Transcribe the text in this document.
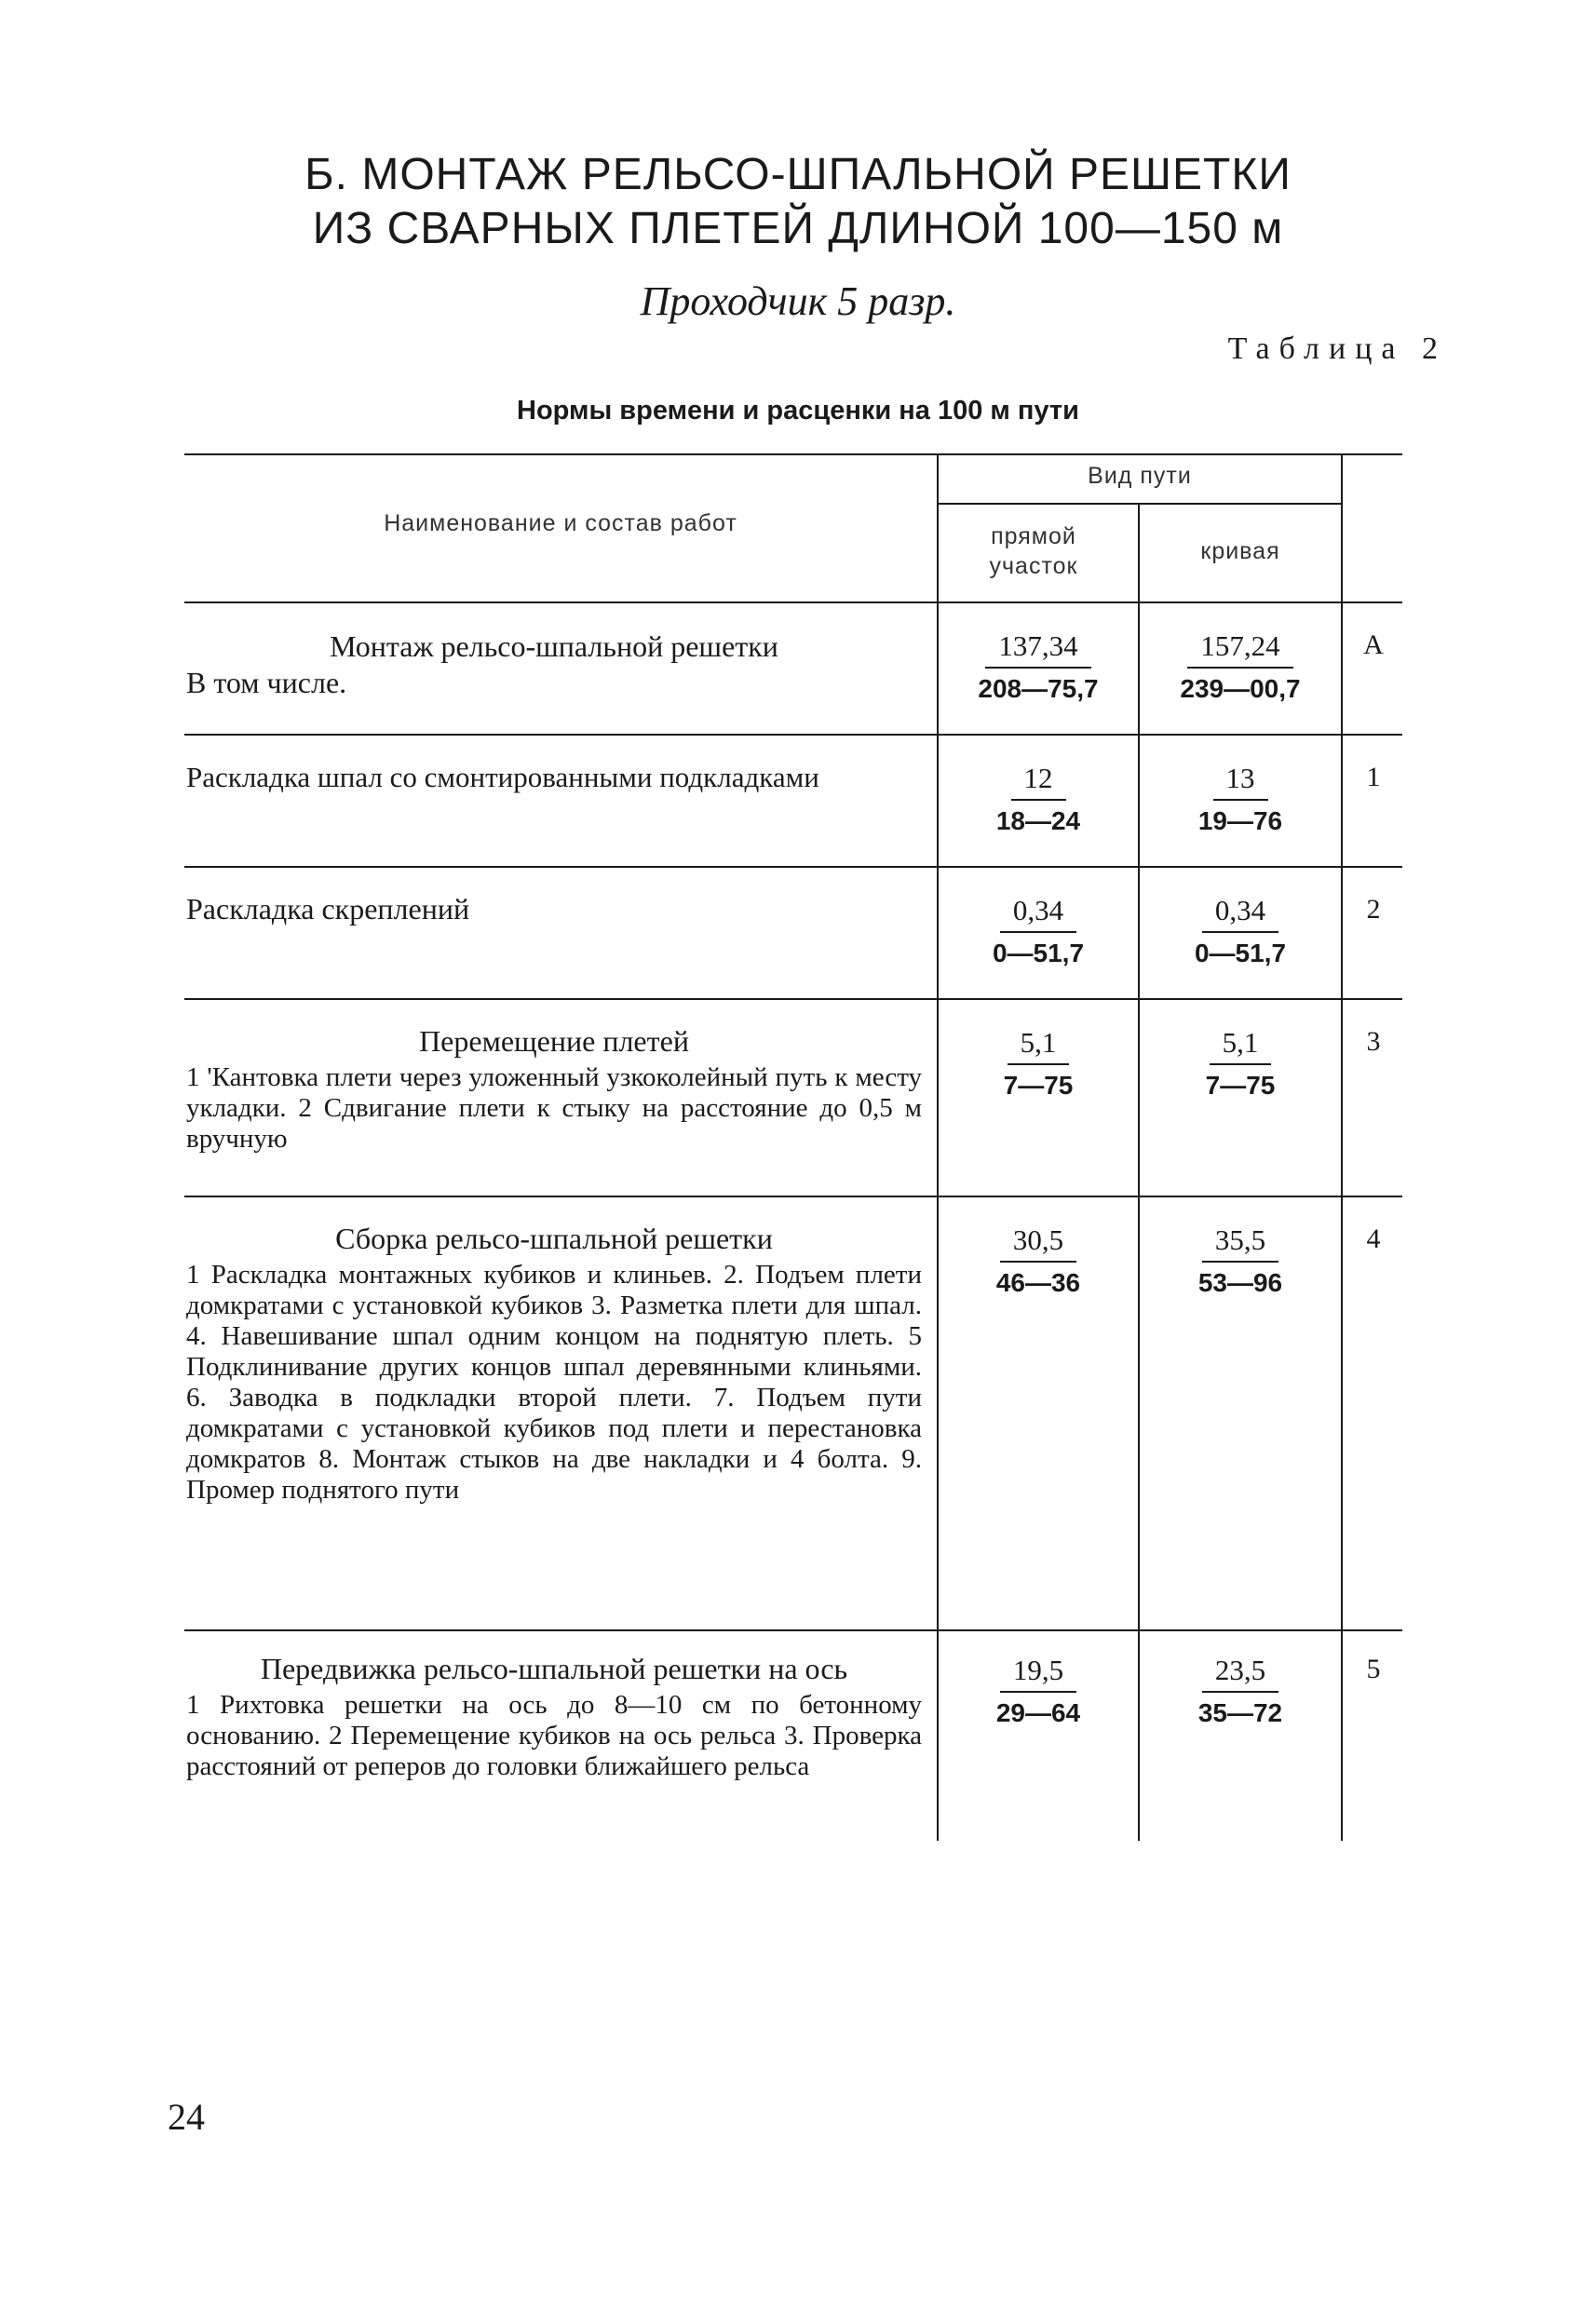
Б. МОНТАЖ РЕЛЬСО-ШПАЛЬНОЙ РЕШЕТКИ
ИЗ СВАРНЫХ ПЛЕТЕЙ ДЛИНОЙ 100—150 м
Проходчик 5 разр.
Таблица 2
Нормы времени и расценки на 100 м пути
Наименование и состав работ
Вид пути
прямой участок
кривая
Монтаж рельсо-шпальной решетки
В том числе.
137,34
208—75,7
157,24
239—00,7
А
Раскладка шпал со смонтированными подкладками	12
18—24
13
19—76
1
Раскладка скреплений	0,34
0—51,7
0,34
0—51,7
2
Перемещение плетей
1 'Кантовка плети через уложенный узкоколейный путь к месту укладки. 2 Сдвигание плети к стыку на расстояние до 0,5 м вручную
5,1
7—75
5,1
7—75
3
Сборка рельсо-шпальной решетки
1 Раскладка монтажных кубиков и клиньев. 2. Подъем плети домкратами с установкой кубиков 3. Разметка плети для шпал. 4. Навешивание шпал одним концом на поднятую плеть. 5 Подклинивание других концов шпал деревянными клиньями. 6. Заводка в подкладки второй плети. 7. Подъем пути домкратами с установкой кубиков под плети и перестановка домкратов 8. Монтаж стыков на две накладки и 4 болта. 9. Промер поднятого пути
30,5
46—36
35,5
53—96
4
Передвижка рельсо-шпальной решетки на ось
1 Рихтовка решетки на ось до 8—10 см по бетонному основанию. 2 Перемещение кубиков на ось рельса 3. Проверка расстояний от реперов до головки ближайшего рельса
19,5
29—64
23,5
35—72
5
24
